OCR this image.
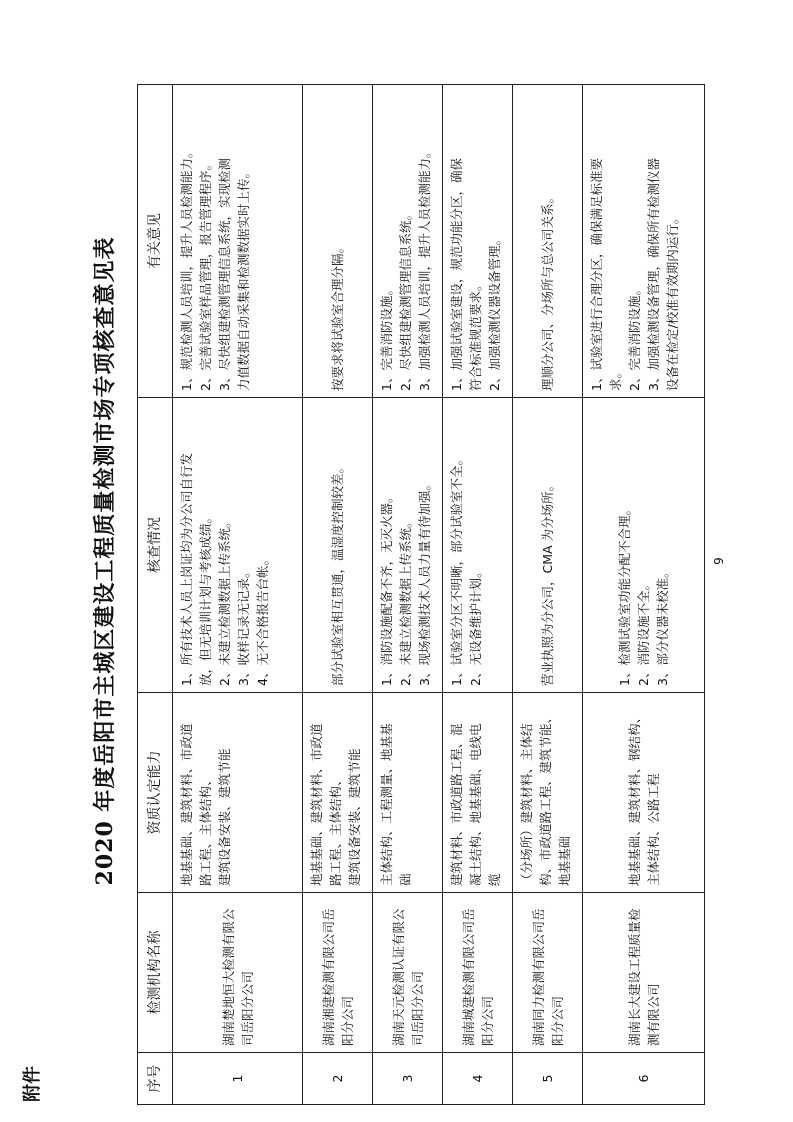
附件
2020 年度岳阳市主城区建设工程质量检测市场专项核查意见表
序号	检测机构名称	资质认定能力	核查情况	有关意见
1	湖南楚地恒大检测有限公司岳阳分公司	地基基础、建筑材料、市政道 路工程、主体结构、 建筑设备安装、建筑节能	1、所有技术人员上岗证均为分公司自行发 放，但无培训计划与考核成绩。 2、未建立检测数据上传系统。 3、收样记录无记录。 4、无不合格报告台帐。	1、规范检测人员培训，提升人员检测能力。 2、完善试验室样品管理，报告管理程序。 3、尽快组建检测管理信息系统，实现检测 力值数据自动采集和检测数据实时上传。

2	湖南湘建检测有限公司岳阳分公司	地基基础、建筑材料、市政道 路工程、主体结构、 建筑设备安装、建筑节能	部分试验室相互贯通，温湿度控制较差。	按要求将试验室合理分隔。

3	湖南天元检测认证有限公司岳阳分公司	主体结构、工程测量、地基基 础	1、消防设施配备不齐，无灭火器。 2、未建立检测数据上传系统。 3、现场检测技术人员力量有待加强。	1、完善消防设施。 2、尽快组建检测管理信息系统。 3、加强检测人员培训，提升人员检测能力。

4	湖南城建检测有限公司岳阳分公司	建筑材料、市政道路工程、混 凝土结构、地基基础、电线电 缆	1、试验室分区不明晰，部分试验室不全。 2、无设备维护计划。	1、加强试验室建设，规范功能分区，确保 符合标准规范要求。 2、加强检测仪器设备管理。

5	湖南同力检测有限公司岳阳分公司	（分场所）建筑材料、主体结 构、市政道路工程、建筑节能、 地基基础	营业执照为分公司，CMA 为分场所。	理顺分公司、分场所与总公司关系。

6	湖南长大建设工程质量检测有限公司	地基基础、建筑材料、钢结构、 主体结构、公路工程	1、检测试验室功能分配不合理。 2、消防设施不全。 3、部分仪器未校准。	1、试验室进行合理分区，确保满足标准要 求。 2、完善消防设施。 3、加强检测设备管理，确保所有检测仪器 设备在检定/校准有效期内运行。
9
